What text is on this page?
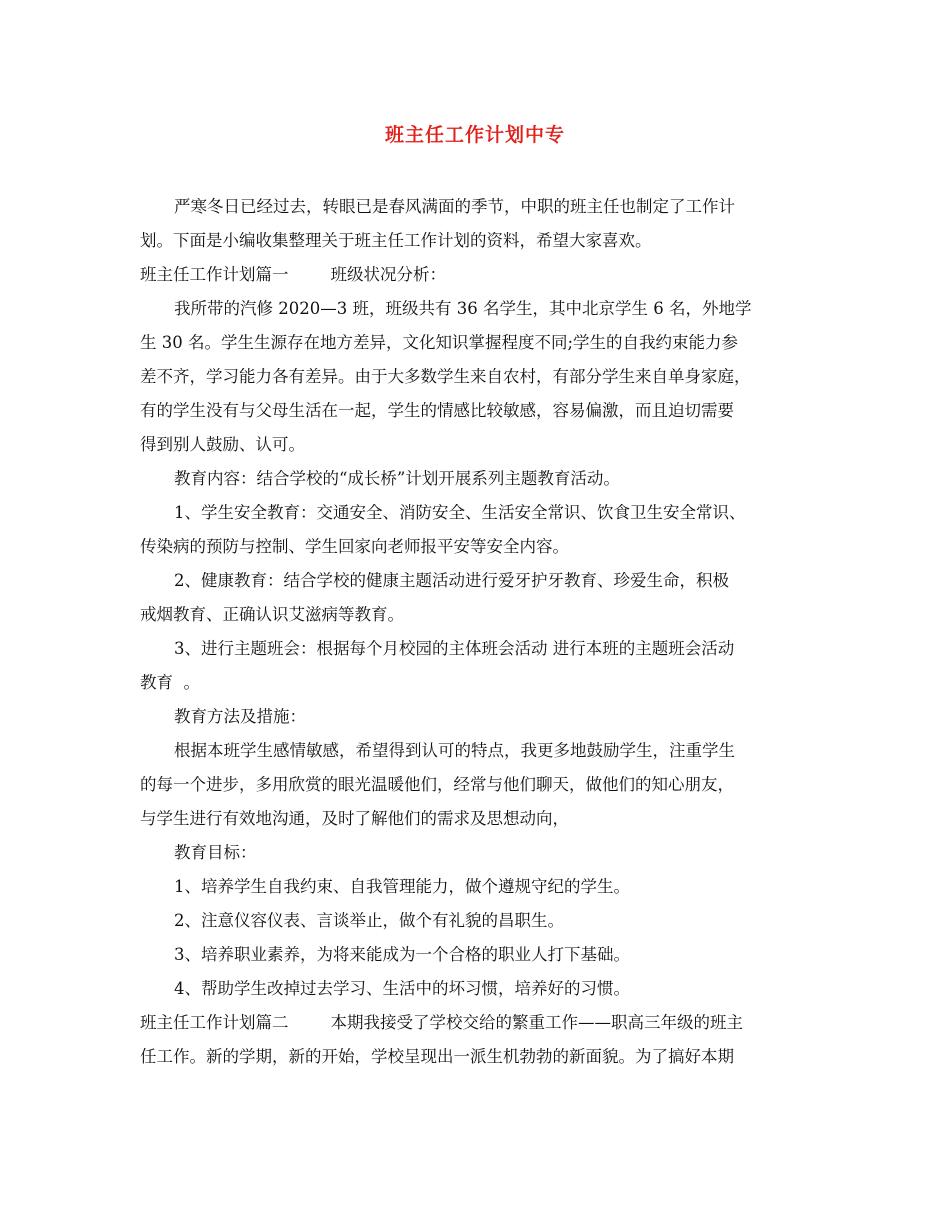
班主任工作计划中专
严寒冬日已经过去，转眼已是春风满面的季节，中职的班主任也制定了工作计
划。下面是小编收集整理关于班主任工作计划的资料，希望大家喜欢。
班主任工作计划篇一        班级状况分析：
我所带的汽修 2020—3 班，班级共有 36 名学生，其中北京学生 6 名，外地学
生 30 名。学生生源存在地方差异，文化知识掌握程度不同;学生的自我约束能力参
差不齐，学习能力各有差异。由于大多数学生来自农村，有部分学生来自单身家庭，
有的学生没有与父母生活在一起，学生的情感比较敏感，容易偏激，而且迫切需要
得到别人鼓励、认可。
教育内容：结合学校的“成长桥”计划开展系列主题教育活动。
1、学生安全教育：交通安全、消防安全、生活安全常识、饮食卫生安全常识、
传染病的预防与控制、学生回家向老师报平安等安全内容。
2、健康教育：结合学校的健康主题活动进行爱牙护牙教育、珍爱生命，积极
戒烟教育、正确认识艾滋病等教育。
3、进行主题班会：根据每个月校园的主体班会活动 进行本班的主题班会活动
教育  。
教育方法及措施：
根据本班学生感情敏感，希望得到认可的特点，我更多地鼓励学生，注重学生
的每一个进步，多用欣赏的眼光温暖他们，经常与他们聊天，做他们的知心朋友，
与学生进行有效地沟通，及时了解他们的需求及思想动向，
教育目标：
1、培养学生自我约束、自我管理能力，做个遵规守纪的学生。
2、注意仪容仪表、言谈举止，做个有礼貌的昌职生。
3、培养职业素养，为将来能成为一个合格的职业人打下基础。
4、帮助学生改掉过去学习、生活中的坏习惯，培养好的习惯。
班主任工作计划篇二        本期我接受了学校交给的繁重工作——职高三年级的班主
任工作。新的学期，新的开始，学校呈现出一派生机勃勃的新面貌。为了搞好本期
